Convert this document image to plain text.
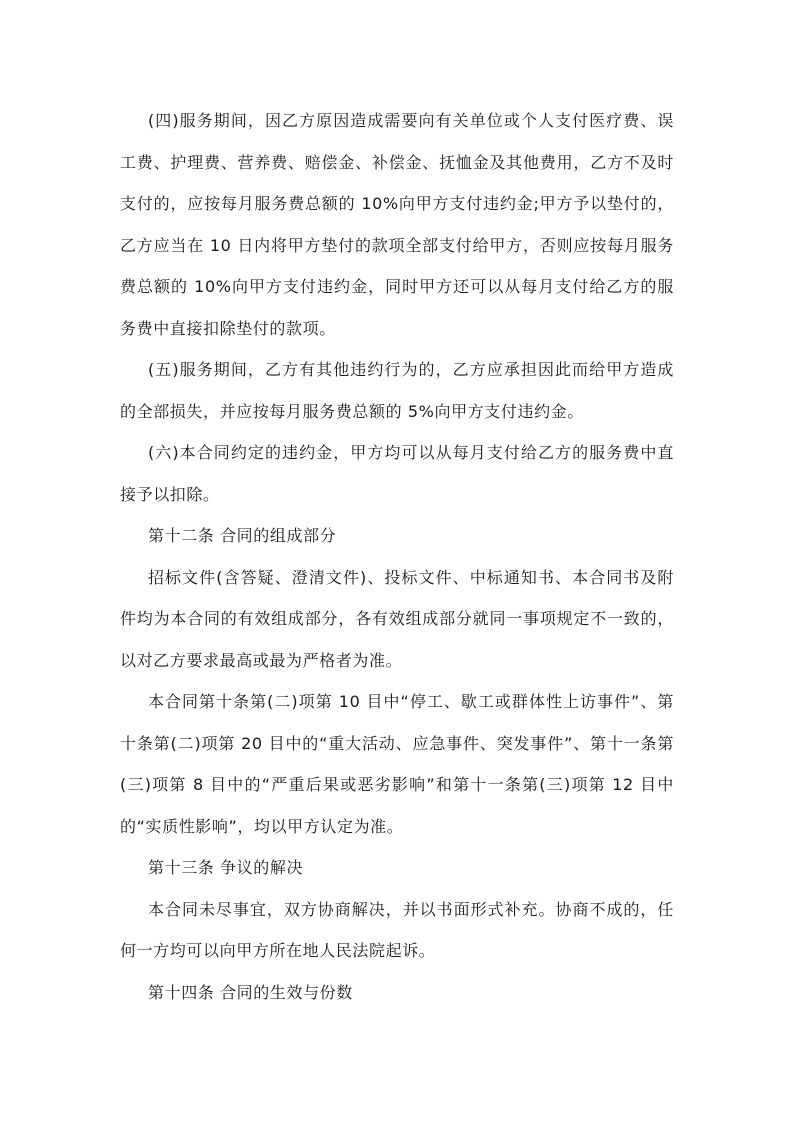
(四)服务期间，因乙方原因造成需要向有关单位或个人支付医疗费、误工费、护理费、营养费、赔偿金、补偿金、抚恤金及其他费用，乙方不及时支付的，应按每月服务费总额的 10%向甲方支付违约金;甲方予以垫付的，乙方应当在 10 日内将甲方垫付的款项全部支付给甲方，否则应按每月服务费总额的 10%向甲方支付违约金，同时甲方还可以从每月支付给乙方的服务费中直接扣除垫付的款项。

(五)服务期间，乙方有其他违约行为的，乙方应承担因此而给甲方造成的全部损失，并应按每月服务费总额的 5%向甲方支付违约金。

(六)本合同约定的违约金，甲方均可以从每月支付给乙方的服务费中直接予以扣除。

第十二条 合同的组成部分

招标文件(含答疑、澄清文件)、投标文件、中标通知书、本合同书及附件均为本合同的有效组成部分，各有效组成部分就同一事项规定不一致的，以对乙方要求最高或最为严格者为准。

本合同第十条第(二)项第 10 目中“停工、歇工或群体性上访事件”、第十条第(二)项第 20 目中的“重大活动、应急事件、突发事件”、第十一条第(三)项第 8 目中的“严重后果或恶劣影响”和第十一条第(三)项第 12 目中的“实质性影响”，均以甲方认定为准。

第十三条 争议的解决

本合同未尽事宜，双方协商解决，并以书面形式补充。协商不成的，任何一方均可以向甲方所在地人民法院起诉。

第十四条 合同的生效与份数
